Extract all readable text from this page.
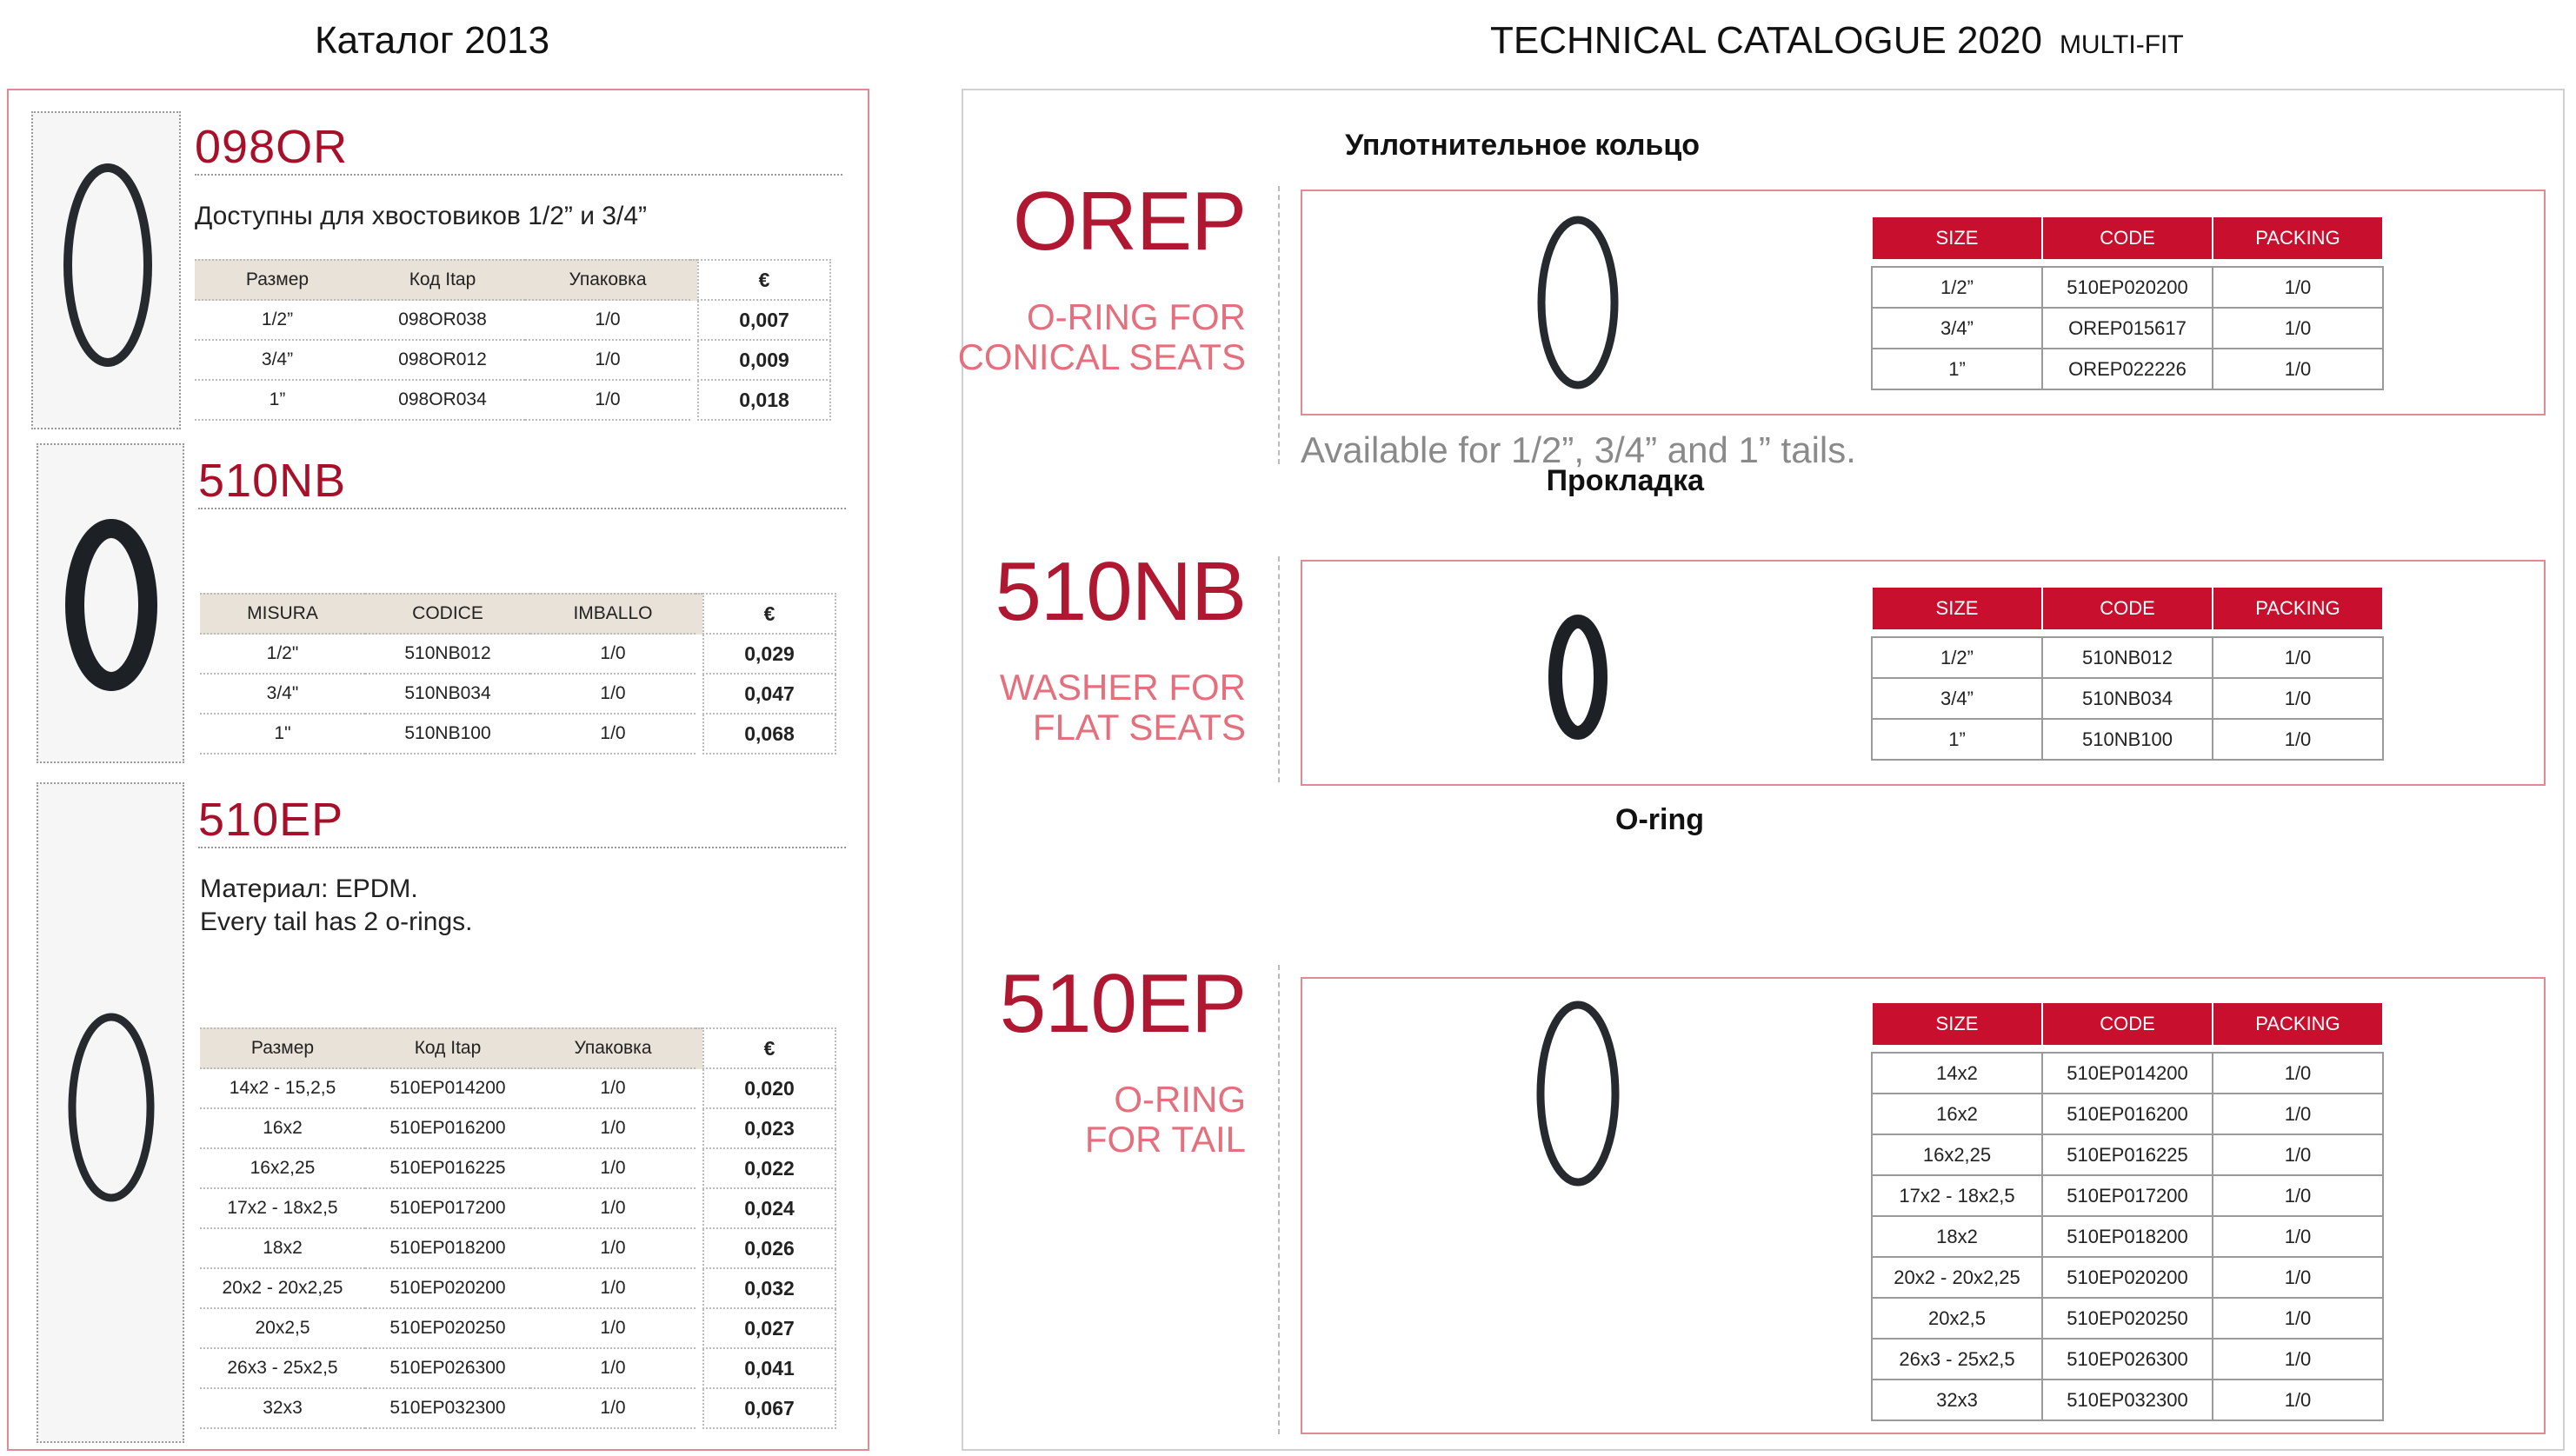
Каталог 2013
098OR	Уплотнительное кольцо
Доступны для хвостовиков 1/2” и 3/4”
Размер	Код Itap	Упаковка		€
1/2”	098OR038	1/0		0,007
3/4”	098OR012	1/0		0,009
1”	098OR034	1/0		0,018
510NB	Прокладка
MISURA	CODICE	IMBALLO		€
1/2"	510NB012	1/0		0,029
3/4"	510NB034	1/0		0,047
1"	510NB100	1/0		0,068
510EP	O-ring
Материал: EPDM.
Every tail has 2 o-rings.
Размер	Код Itap	Упаковка		€
14x2 - 15,2,5	510EP014200	1/0		0,020
16x2	510EP016200	1/0		0,023
16x2,25	510EP016225	1/0		0,022
17x2 - 18x2,5	510EP017200	1/0		0,024
18x2	510EP018200	1/0		0,026
20x2 - 20x2,25	510EP020200	1/0		0,032
20x2,5	510EP020250	1/0		0,027
26x3 - 25x2,5	510EP026300	1/0		0,041
32x3	510EP032300	1/0		0,067
TECHNICAL CATALOGUE 2020 MULTI-FIT
OREP
O-RING FOR
CONICAL SEATS
SIZE	CODE	PACKING

1/2”	510EP020200	1/0
3/4”	OREP015617	1/0
1”	OREP022226	1/0
Available for 1/2”, 3/4” and 1” tails.
510NB
WASHER FOR
FLAT SEATS
SIZE	CODE	PACKING

1/2”	510NB012	1/0
3/4”	510NB034	1/0
1”	510NB100	1/0
510EP
O-RING
FOR TAIL
SIZE	CODE	PACKING

14x2	510EP014200	1/0
16x2	510EP016200	1/0
16x2,25	510EP016225	1/0
17x2 - 18x2,5	510EP017200	1/0
18x2	510EP018200	1/0
20x2 - 20x2,25	510EP020200	1/0
20x2,5	510EP020250	1/0
26x3 - 25x2,5	510EP026300	1/0
32x3	510EP032300	1/0
